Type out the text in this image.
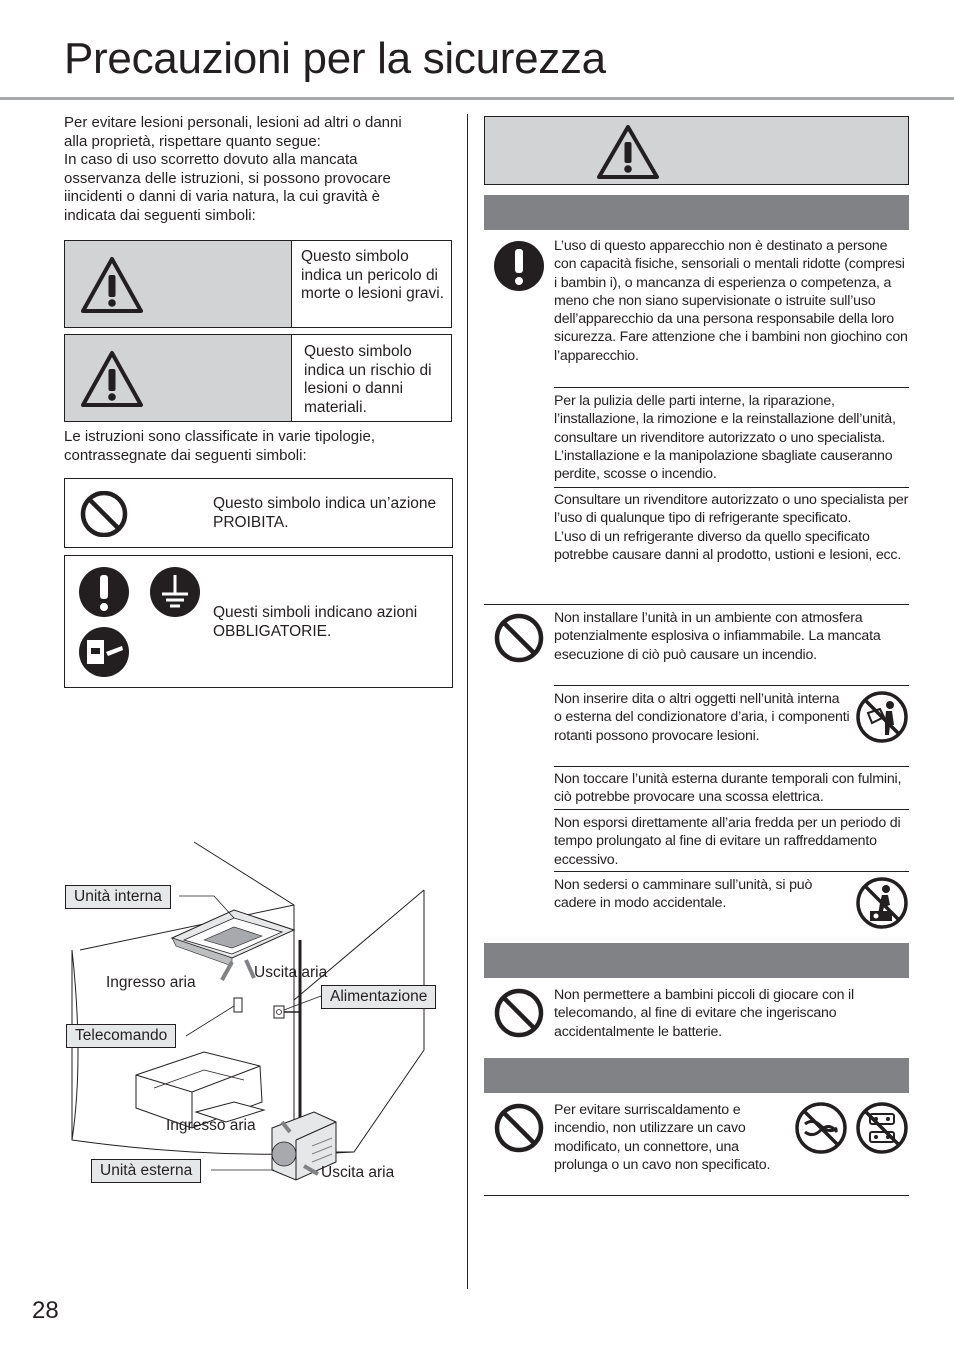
Precauzioni per la sicurezza

Per evitare lesioni personali, lesioni ad altri o danni

alla proprietà, rispettare quanto segue:

In caso di uso scorretto dovuto alla mancata

osservanza delle istruzioni, si possono provocare

iincidenti o danni di varia natura, la cui gravità è

indicata dai seguenti simboli:

Questo simbolo indica un pericolo di morte o lesioni gravi.
Questo simbolo indica un rischio di lesioni o danni materiali.

Le istruzioni sono classificate in varie tipologie,

contrassegnate dai seguenti simboli:

Questo simbolo indica un’azione PROIBITA.
Questi simboli indicano azioni OBBLIGATORIE.
Unità interna
Ingresso aria
Uscita aria
Alimentazione
Telecomando
Ingresso aria
Unità esterna	Uscita aria
L’uso di questo apparecchio non è destinato a persone con capacità fisiche, sensoriali o mentali ridotte (compresi i bambin i), o mancanza di esperienza o competenza, a meno che non siano supervisionate o istruite sull’uso dell’apparecchio da una persona responsabile della loro sicurezza. Fare attenzione che i bambini non giochino con l’apparecchio.
Per la pulizia delle parti interne, la riparazione, l’installazione, la rimozione e la reinstallazione dell’unità, consultare un rivenditore autorizzato o uno specialista. L’installazione e la manipolazione sbagliate causeranno perdite, scosse o incendio.
Consultare un rivenditore autorizzato o uno specialista per l’uso di qualunque tipo di refrigerante specificato.
L’uso di un refrigerante diverso da quello specificato potrebbe causare danni al prodotto, ustioni e lesioni, ecc.
Non installare l’unità in un ambiente con atmosfera potenzialmente esplosiva o infiammabile. La mancata esecuzione di ciò può causare un incendio.
Non inserire dita o altri oggetti nell’unità interna o esterna del condizionatore d’aria, i componenti rotanti possono provocare lesioni.
Non toccare l’unità esterna durante temporali con fulmini, ciò potrebbe provocare una scossa elettrica.
Non esporsi direttamente all’aria fredda per un periodo di tempo prolungato al fine di evitare un raffreddamento eccessivo.
Non sedersi o camminare sull’unità, si può cadere in modo accidentale.
Non permettere a bambini piccoli di giocare con il telecomando, al fine di evitare che ingeriscano accidentalmente le batterie.
Per evitare surriscaldamento e incendio, non utilizzare un cavo modificato, un connettore, una prolunga o un cavo non specificato.
28
